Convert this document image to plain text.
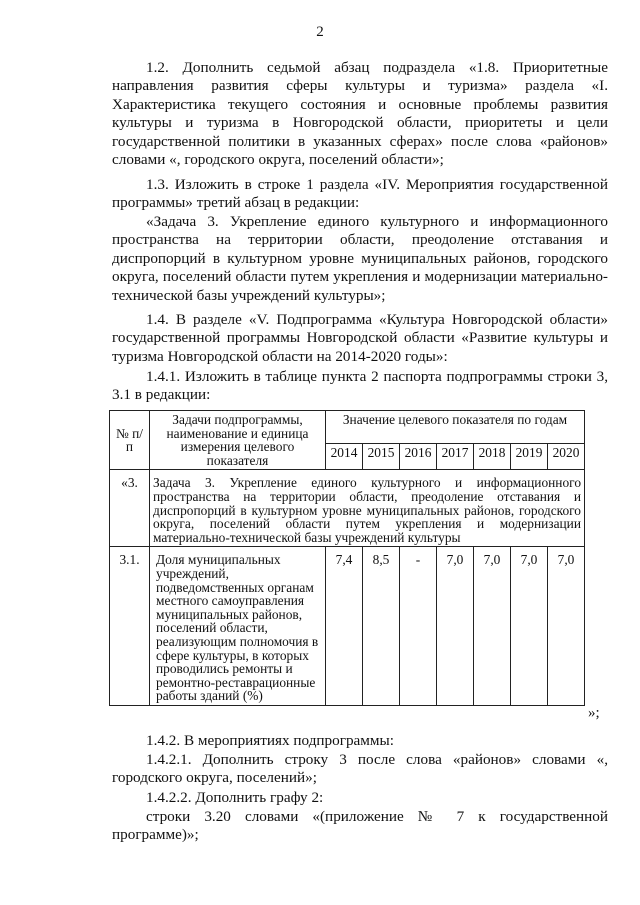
2

1.2. Дополнить седьмой абзац подраздела «1.8. Приоритетные направления развития сферы культуры и туризма» раздела «I. Характеристика текущего состояния и основные проблемы развития культуры и туризма в Новгородской области, приоритеты и цели государственной политики в указанных сферах» после слова «районов» словами «, городского округа, поселений области»;

1.3. Изложить в строке 1 раздела «IV. Мероприятия государственной программы» третий абзац в редакции:

«Задача 3. Укрепление единого культурного и информационного пространства на территории области, преодоление отставания и диспропорций в культурном уровне муниципальных районов, городского округа, поселений области путем укрепления и модернизации материально-технической базы учреждений культуры»;

1.4. В разделе «V. Подпрограмма «Культура Новгородской области» государственной программы Новгородской области «Развитие культуры и туризма Новгородской области на 2014-2020 годы»:

1.4.1. Изложить в таблице пункта 2 паспорта подпрограммы строки 3, 3.1 в редакции:

№ п/п	Задачи подпрограммы, наименование и единица измерения целевого показателя	Значение целевого показателя по годам						
		2014	2015	2016	2017	2018	2019	2020
«3.	Задача 3. Укрепление единого культурного и информационного пространства на территории области, преодоление отставания и диспропорций в культурном уровне муниципальных районов, городского округа, поселений области путем укрепления и модернизации материально-технической базы учреждений культуры							
3.1.	Доля муниципальных учреждений, подведомственных органам местного самоуправления муниципальных районов, поселений области, реализующим полномочия в сфере культуры, в которых проводились ремонты и ремонтно-реставрационные работы зданий (%)	7,4	8,5	-	7,0	7,0	7,0	7,0
»;

1.4.2. В мероприятиях подпрограммы:

1.4.2.1. Дополнить строку 3 после слова «районов» словами «, городского округа, поселений»;

1.4.2.2. Дополнить графу 2:

строки 3.20 словами «(приложение № 7 к государственной программе)»;
